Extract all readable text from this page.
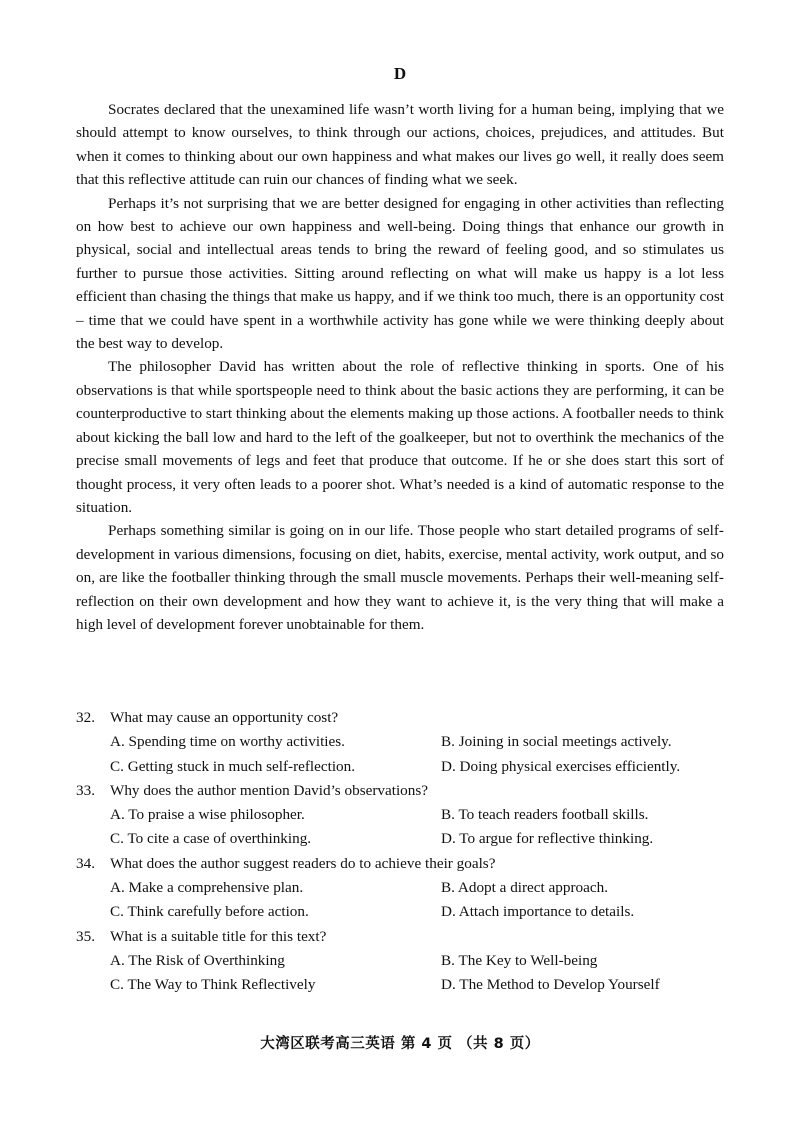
D

Socrates declared that the unexamined life wasn’t worth living for a human being, implying that we should attempt to know ourselves, to think through our actions, choices, prejudices, and attitudes. But when it comes to thinking about our own happiness and what makes our lives go well, it really does seem that this reflective attitude can ruin our chances of finding what we seek.

Perhaps it’s not surprising that we are better designed for engaging in other activities than reflecting on how best to achieve our own happiness and well-being. Doing things that enhance our growth in physical, social and intellectual areas tends to bring the reward of feeling good, and so stimulates us further to pursue those activities. Sitting around reflecting on what will make us happy is a lot less efficient than chasing the things that make us happy, and if we think too much, there is an opportunity cost – time that we could have spent in a worthwhile activity has gone while we were thinking deeply about the best way to develop.

The philosopher David has written about the role of reflective thinking in sports. One of his observations is that while sportspeople need to think about the basic actions they are performing, it can be counterproductive to start thinking about the elements making up those actions. A footballer needs to think about kicking the ball low and hard to the left of the goalkeeper, but not to overthink the mechanics of the precise small movements of legs and feet that produce that outcome. If he or she does start this sort of thought process, it very often leads to a poorer shot. What’s needed is a kind of automatic response to the situation.

Perhaps something similar is going on in our life. Those people who start detailed programs of self-development in various dimensions, focusing on diet, habits, exercise, mental activity, work output, and so on, are like the footballer thinking through the small muscle movements. Perhaps their well-meaning self-reflection on their own development and how they want to achieve it, is the very thing that will make a high level of development forever unobtainable for them.

32. What may cause an opportunity cost?
A. Spending time on worthy activities.	B. Joining in social meetings actively.
C. Getting stuck in much self-reflection.	D. Doing physical exercises efficiently.
33. Why does the author mention David’s observations?
A. To praise a wise philosopher.	B. To teach readers football skills.
C. To cite a case of overthinking.	D. To argue for reflective thinking.
34. What does the author suggest readers do to achieve their goals?
A. Make a comprehensive plan.	B. Adopt a direct approach.
C. Think carefully before action.	D. Attach importance to details.
35. What is a suitable title for this text?
A. The Risk of Overthinking	B. The Key to Well-being
C. The Way to Think Reflectively	D. The Method to Develop Yourself
大湾区联考高三英语 第 4 页 （共 8 页）
